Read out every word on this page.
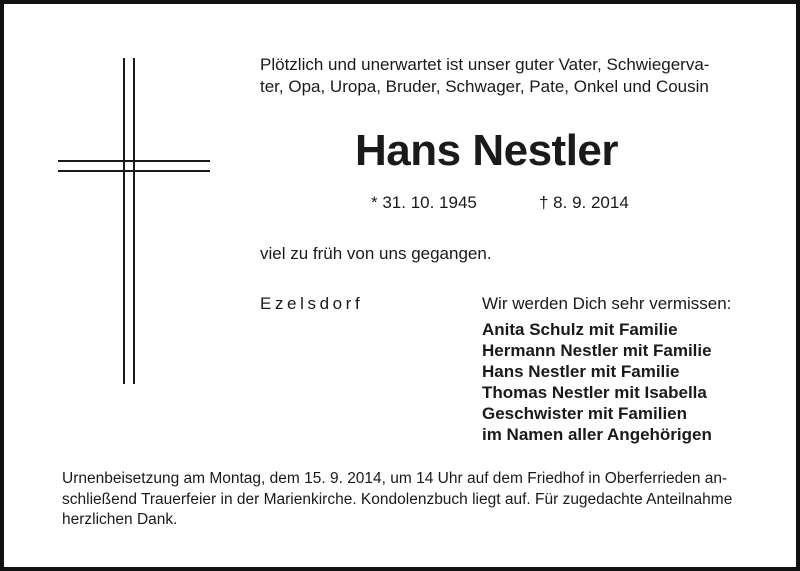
Plötzlich und unerwartet ist unser guter Vater, Schwiegerva-
ter, Opa, Uropa, Bruder, Schwager, Pate, Onkel und Cousin

Hans Nestler
* 31. 10. 1945	† 8. 9. 2014
viel zu früh von uns gegangen.
Ezelsdorf	Wir werden Dich sehr vermissen:
Anita Schulz mit Familie
Hermann Nestler mit Familie
Hans Nestler mit Familie
Thomas Nestler mit Isabella
Geschwister mit Familien
im Namen aller Angehörigen

Urnenbeisetzung am Montag, dem 15. 9. 2014, um 14 Uhr auf dem Friedhof in Oberferrieden an-
schließend Trauerfeier in der Marienkirche. Kondolenzbuch liegt auf. Für zugedachte Anteilnahme
herzlichen Dank.
